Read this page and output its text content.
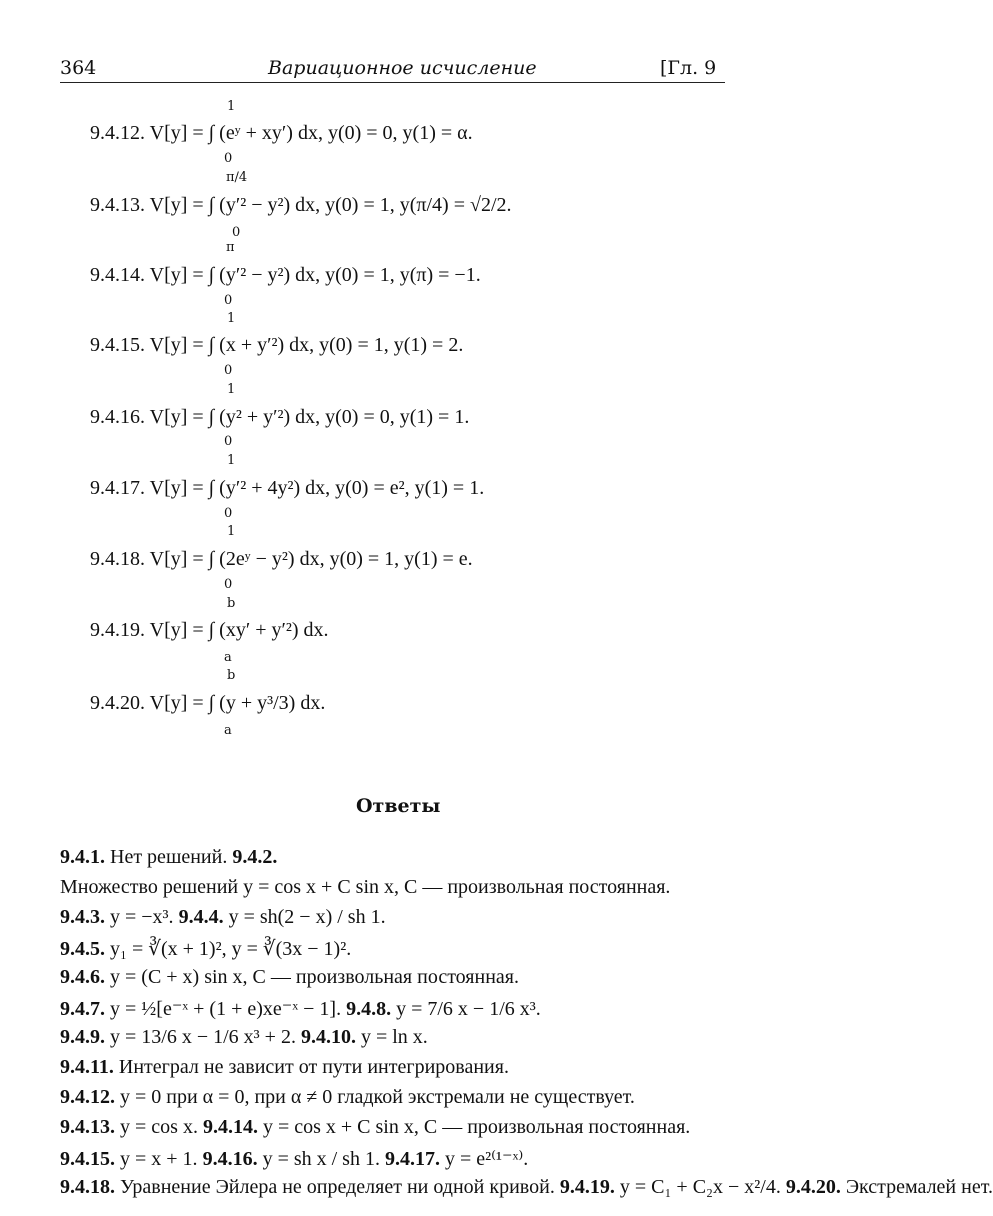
364	Вариационное исчисление	[Гл. 9
9.4.12. V[y] = ∫ (eʸ + xy′) dx, y(0) = 0, y(1) = α.
1
0
9.4.13. V[y] = ∫ (y′² − y²) dx, y(0) = 1, y(π/4) = √2/2.
π/4
0
9.4.14. V[y] = ∫ (y′² − y²) dx, y(0) = 1, y(π) = −1.
π
0
9.4.15. V[y] = ∫ (x + y′²) dx, y(0) = 1, y(1) = 2.
1
0
9.4.16. V[y] = ∫ (y² + y′²) dx, y(0) = 0, y(1) = 1.
1
0
9.4.17. V[y] = ∫ (y′² + 4y²) dx, y(0) = e², y(1) = 1.
1
0
9.4.18. V[y] = ∫ (2eʸ − y²) dx, y(0) = 1, y(1) = e.
1
0
9.4.19. V[y] = ∫ (xy′ + y′²) dx.
b
a
9.4.20. V[y] = ∫ (y + y³/3) dx.
b
a
Ответы
9.4.1. Нет решений. 9.4.2.
Множество решений y = cos x + C sin x, C — произвольная постоянная.
9.4.3. y = −x³. 9.4.4. y = sh(2 − x) / sh 1.
9.4.5. y₁ = ∛(x + 1)², y = ∛(3x − 1)².
9.4.6. y = (C + x) sin x, C — произвольная постоянная.
9.4.7. y = ½[e⁻ˣ + (1 + e)xe⁻ˣ − 1]. 9.4.8. y = 7/6 x − 1/6 x³.
9.4.9. y = 13/6 x − 1/6 x³ + 2. 9.4.10. y = ln x.
9.4.11. Интеграл не зависит от пути интегрирования.
9.4.12. y = 0 при α = 0, при α ≠ 0 гладкой экстремали не существует.
9.4.13. y = cos x. 9.4.14. y = cos x + C sin x, C — произвольная постоянная.
9.4.15. y = x + 1. 9.4.16. y = sh x / sh 1. 9.4.17. y = e²⁽¹⁻ˣ⁾.
9.4.18. Уравнение Эйлера не определяет ни одной кривой. 9.4.19. y = C₁ + C₂x − x²/4. 9.4.20. Экстремалей нет.
